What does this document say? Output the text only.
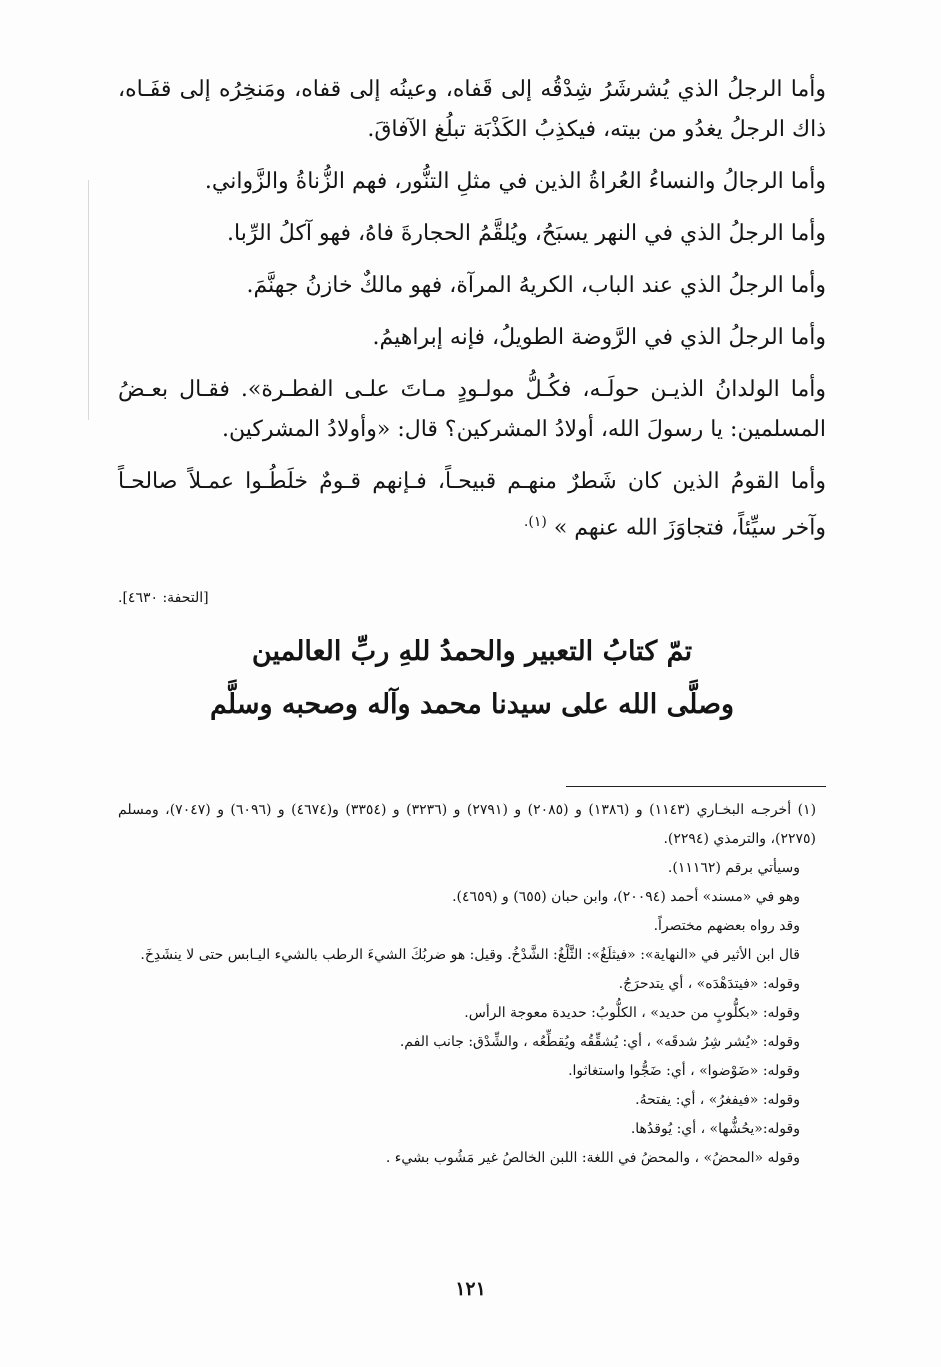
وأما الرجلُ الذي يُشرشَرُ شِدْقُه إلى قَفاه، وعينُه إلى قفاه، ومَنخِرُه إلى قفَـاه، ذاك الرجلُ يغدُو من بيته، فيكذِبُ الكَذْبَة تبلُغ الآفاقَ.

وأما الرجالُ والنساءُ العُراةُ الذين في مثلِ التنُّور، فهم الزُّناةُ والزَّواني.

وأما الرجلُ الذي في النهر يسبَحُ، ويُلقَّمُ الحجارةَ فاهُ، فهو آكلُ الرِّبا.

وأما الرجلُ الذي عند الباب، الكريهُ المرآة، فهو مالكٌ خازنُ جهنَّمَ.

وأما الرجلُ الذي في الرَّوضة الطويلُ، فإنه إبراهيمُ.

وأما الولدانُ الذيـن حولَـه، فكُـلُّ مولـودٍ مـاتَ علـى الفطـرة». فقـال بعـضُ المسلمين: يا رسولَ الله، أولادُ المشركين؟ قال: «وأولادُ المشركين.

وأما القومُ الذين كان شَطرٌ منهـم قبيحـاً، فـإنهم قـومٌ خلَطُـوا عمـلاً صالحـاً وآخر سيِّئاً، فتجاوَزَ الله عنهم » $^{(١).}$

[التحفة: ٤٦٣٠].
تمّ كتابُ التعبير والحمدُ للهِ ربِّ العالمين
وصلَّى الله على سيدنا محمد وآله وصحبه وسلَّم
(١) أخرجـه البخـاري (١١٤٣) و (١٣٨٦) و (٢٠٨٥) و (٢٧٩١) و (٣٢٣٦) و (٣٣٥٤) و(٤٦٧٤) و (٦٠٩٦) و (٧٠٤٧)، ومسلم (٢٢٧٥)، والترمذي (٢٢٩٤).
وسيأتي برقم (١١١٦٢).
وهو في «مسند» أحمد (٢٠٠٩٤)، وابن حبان (٦٥٥) و (٤٦٥٩).
وقد رواه بعضهم مختصراً.
قال ابن الأثير في «النهاية»: «فيثلَغُ»: الثَّلْغُ: الشَّدْخُ. وقيل: هو ضربُكَ الشيءَ الرطب بالشيء اليـابس حتى لا ينشَدِخَ.
وقوله: «فيتدَهْدَه» ، أي يتدحرَجُ.
وقوله: «بكلُّوبٍ من حديد» ، الكلُّوبُ: حديدة معوجة الرأس.
وقوله: «يُشر شِرُ شدقَه» ، أي: يُشقِّقُه ويُقطِّعُه ، والشِّدْق: جانب الفم.
وقوله: «ضَوْضوا» ، أي: ضَجُّوا واستغاثوا.
وقوله: «فيفغرُ» ، أي: يفتحهُ.
وقوله:«يحُشُّها» ، أي: يُوقدُها.
وقوله «المحضُ» ، والمحضُ في اللغة: اللبن الخالصُ غير مَشُوب بشيء .
١٢١
